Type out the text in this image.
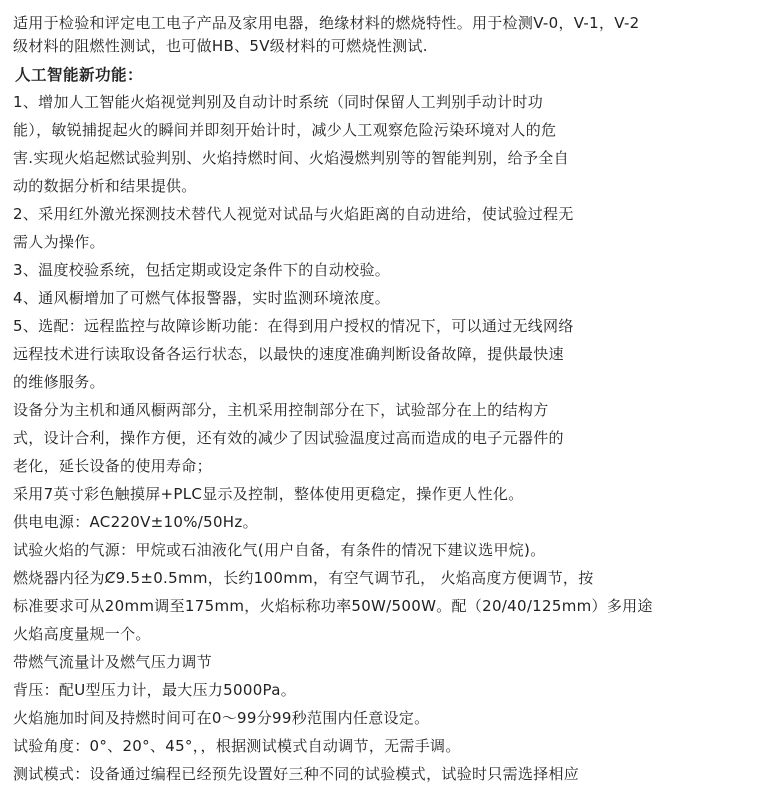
适用于检验和评定电工电子产品及家用电器，绝缘材料的燃烧特性。用于检测V-0，V-1，V-2
级材料的阻燃性测试，也可做HB、5V级材料的可燃烧性测试.
人工智能新功能：
1、增加人工智能火焰视觉判别及自动计时系统（同时保留人工判别手动计时功
能），敏锐捕捉起火的瞬间并即刻开始计时，减少人工观察危险污染环境对人的危
害.实现火焰起燃试验判别、火焰持燃时间、火焰漫燃判别等的智能判别，给予全自
动的数据分析和结果提供。
2、采用红外激光探测技术替代人视觉对试品与火焰距离的自动进给，使试验过程无
需人为操作。
3、温度校验系统，包括定期或设定条件下的自动校验。
4、通风橱增加了可燃气体报警器，实时监测环境浓度。
5、选配：远程监控与故障诊断功能：在得到用户授权的情况下，可以通过无线网络
远程技术进行读取设备各运行状态，以最快的速度准确判断设备故障，提供最快速
的维修服务。
设备分为主机和通风橱两部分，主机采用控制部分在下，试验部分在上的结构方
式，设计合利，操作方便，还有效的减少了因试验温度过高而造成的电子元器件的
老化，延长设备的使用寿命；
采用7英寸彩色触摸屏+PLC显示及控制，整体使用更稳定，操作更人性化。
供电电源：AC220V±10%/50Hz。
试验火焰的气源：甲烷或石油液化气(用户自备，有条件的情况下建议选甲烷)。
燃烧器内径为Ȼ9.5±0.5mm，长约100mm，有空气调节孔， 火焰高度方便调节，按
标准要求可从20mm调至175mm，火焰标称功率50W/500W。配（20/40/125mm）多用途
火焰高度量规一个。
带燃气流量计及燃气压力调节
背压：配U型压力计，最大压力5000Pa。
火焰施加时间及持燃时间可在0～99分99秒范围内任意设定。
试验角度：0°、20°、45°，，根据测试模式自动调节，无需手调。
测试模式：设备通过编程已经预先设置好三种不同的试验模式，试验时只需选择相应
